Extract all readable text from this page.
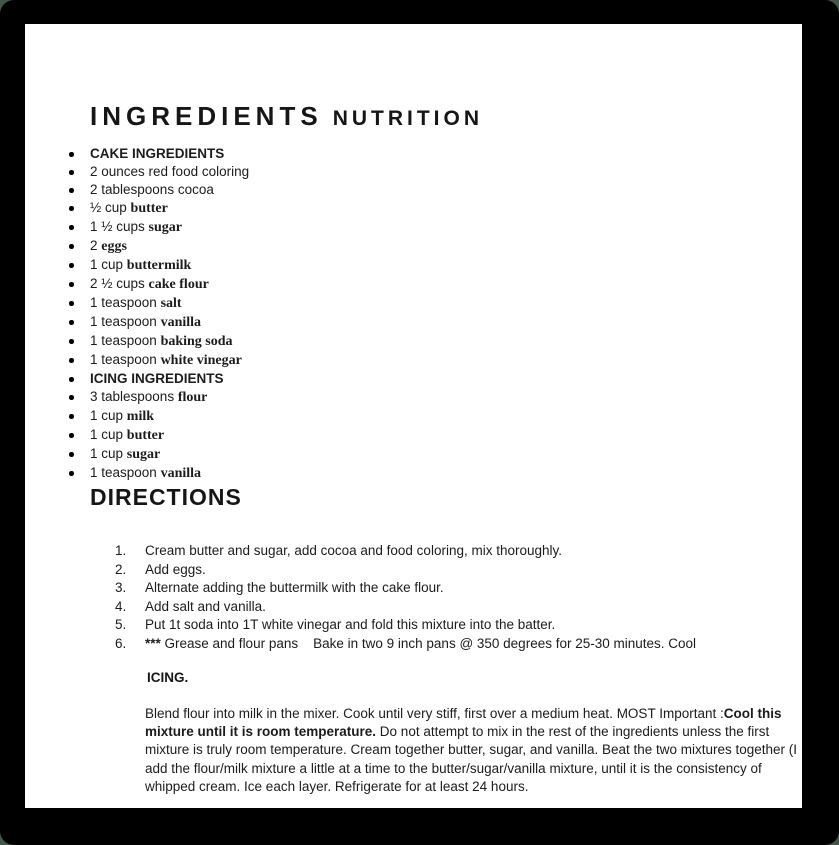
INGREDIENTS NUTRITION
CAKE INGREDIENTS
2 ounces red food coloring
2 tablespoons cocoa
½ cup butter
1 ½ cups sugar
2 eggs
1 cup buttermilk
2 ½ cups cake flour
1 teaspoon salt
1 teaspoon vanilla
1 teaspoon baking soda
1 teaspoon white vinegar
ICING INGREDIENTS
3 tablespoons flour
1 cup milk
1 cup butter
1 cup sugar
1 teaspoon vanilla
DIRECTIONS
1.	Cream butter and sugar, add cocoa and food coloring, mix thoroughly.
2.	Add eggs.
3.	Alternate adding the buttermilk with the cake flour.
4.	Add salt and vanilla.
5.	Put 1t soda into 1T white vinegar and fold this mixture into the batter.
6.	*** Grease and flour pans    Bake in two 9 inch pans @ 350 degrees for 25-30 minutes. Cool
ICING.

Blend flour into milk in the mixer. Cook until very stiff, first over a medium heat. MOST Important :Cool this mixture until it is room temperature. Do not attempt to mix in the rest of the ingredients unless the first mixture is truly room temperature. Cream together butter, sugar, and vanilla. Beat the two mixtures together (I add the flour/milk mixture a little at a time to the butter/sugar/vanilla mixture, until it is the consistency of whipped cream. Ice each layer. Refrigerate for at least 24 hours.
